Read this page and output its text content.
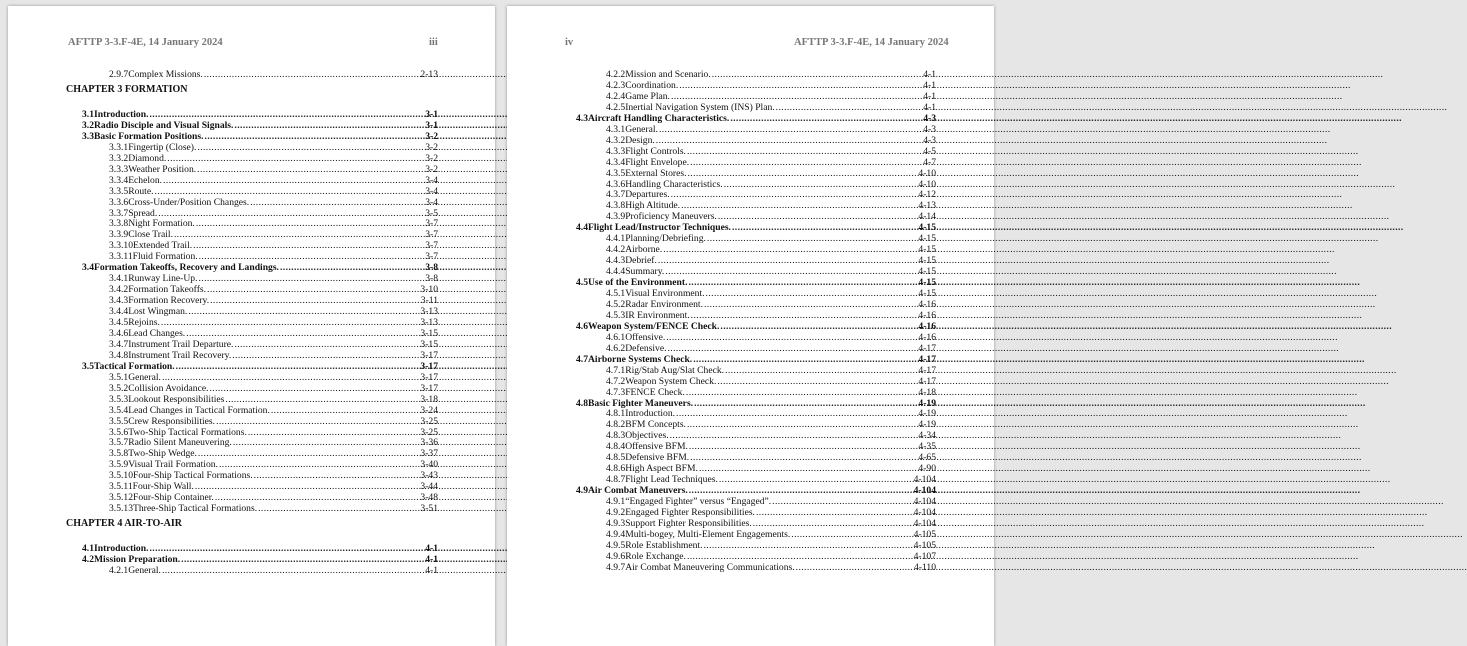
AFTTP 3-3.F-4E, 14 January 2024	iii
2.9.7 Complex Missions. .....	2-13
CHAPTER 3 FORMATION
3.1 Introduction. .....	3-1
3.2 Radio Disciple and Visual Signals. .....	3-1
3.3 Basic Formation Positions. .....	3-2
3.3.1 Fingertip (Close). .....	3-2
3.3.2 Diamond. .....	3-2
3.3.3 Weather Position. .....	3-2
3.3.4 Echelon. .....	3-4
3.3.5 Route. .....	3-4
3.3.6 Cross-Under/Position Changes. .....	3-4
3.3.7 Spread. .....	3-5
3.3.8 Night Formation. .....	3-7
3.3.9 Close Trail. .....	3-7
3.3.10 Extended Trail. .....	3-7
3.3.11 Fluid Formation. .....	3-7
3.4 Formation Takeoffs, Recovery and Landings. .....	3-8
3.4.1 Runway Line-Up. .....	3-8
3.4.2 Formation Takeoffs. .....	3-10
3.4.3 Formation Recovery. .....	3-11
3.4.4 Lost Wingman. .....	3-13
3.4.5 Rejoins. .....	3-13
3.4.6 Lead Changes. .....	3-15
3.4.7 Instrument Trail Departure. .....	3-15
3.4.8 Instrument Trail Recovery. .....	3-17
3.5 Tactical Formation. .....	3-17
3.5.1 General. .....	3-17
3.5.2 Collision Avoidance. .....	3-17
3.5.3 Lookout Responsibilities .....	3-18
3.5.4 Lead Changes in Tactical Formation. .....	3-24
3.5.5 Crew Responsibilities. .....	3-25
3.5.6 Two-Ship Tactical Formations. .....	3-25
3.5.7 Radio Silent Maneuvering. .....	3-36
3.5.8 Two-Ship Wedge. .....	3-37
3.5.9 Visual Trail Formation. .....	3-40
3.5.10 Four-Ship Tactical Formations. .....	3-43
3.5.11 Four-Ship Wall. .....	3-44
3.5.12 Four-Ship Container. .....	3-48
3.5.13 Three-Ship Tactical Formations. .....	3-51
CHAPTER 4 AIR-TO-AIR
4.1 Introduction. .....	4-1
4.2 Mission Preparation. .....	4-1
4.2.1 General. .....	4-1
iv	AFTTP 3-3.F-4E, 14 January 2024
4.2.2 Mission and Scenario. .....	4-1
4.2.3 Coordination. .....	4-1
4.2.4 Game Plan. .....	4-1
4.2.5 Inertial Navigation System (INS) Plan. .....	4-1
4.3 Aircraft Handling Characteristics. .....	4-3
4.3.1 General. .....	4-3
4.3.2 Design. .....	4-3
4.3.3 Flight Controls. .....	4-5
4.3.4 Flight Envelope. .....	4-7
4.3.5 External Stores. .....	4-10
4.3.6 Handling Characteristics. .....	4-10
4.3.7 Departures. .....	4-12
4.3.8 High Altitude. .....	4-13
4.3.9 Proficiency Maneuvers. .....	4-14
4.4 Flight Lead/Instructor Techniques. .....	4-15
4.4.1 Planning/Debriefing. .....	4-15
4.4.2 Airborne. .....	4-15
4.4.3 Debrief. .....	4-15
4.4.4 Summary. .....	4-15
4.5 Use of the Environment. .....	4-15
4.5.1 Visual Environment. .....	4-15
4.5.2 Radar Environment. .....	4-16
4.5.3 IR Environment. .....	4-16
4.6 Weapon System/FENCE Check. .....	4-16
4.6.1 Offensive. .....	4-16
4.6.2 Defensive. .....	4-17
4.7 Airborne Systems Check. .....	4-17
4.7.1 Rig/Stab Aug/Slat Check. .....	4-17
4.7.2 Weapon System Check. .....	4-17
4.7.3 FENCE Check. .....	4-18
4.8 Basic Fighter Maneuvers. .....	4-19
4.8.1 Introduction. .....	4-19
4.8.2 BFM Concepts. .....	4-19
4.8.3 Objectives. .....	4-34
4.8.4 Offensive BFM. .....	4-35
4.8.5 Defensive BFM. .....	4-65
4.8.6 High Aspect BFM. .....	4-90
4.8.7 Flight Lead Techniques. .....	4-104
4.9 Air Combat Maneuvers. .....	4-104
4.9.1 “Engaged Fighter” versus “Engaged”. .....	4-104
4.9.2 Engaged Fighter Responsibilities. .....	4-104
4.9.3 Support Fighter Responsibilities. .....	4-104
4.9.4 Multi-bogey, Multi-Element Engagements. .....	4-105
4.9.5 Role Establishment. .....	4-105
4.9.6 Role Exchange. .....	4-107
4.9.7 Air Combat Maneuvering Communications. .....	4-110
